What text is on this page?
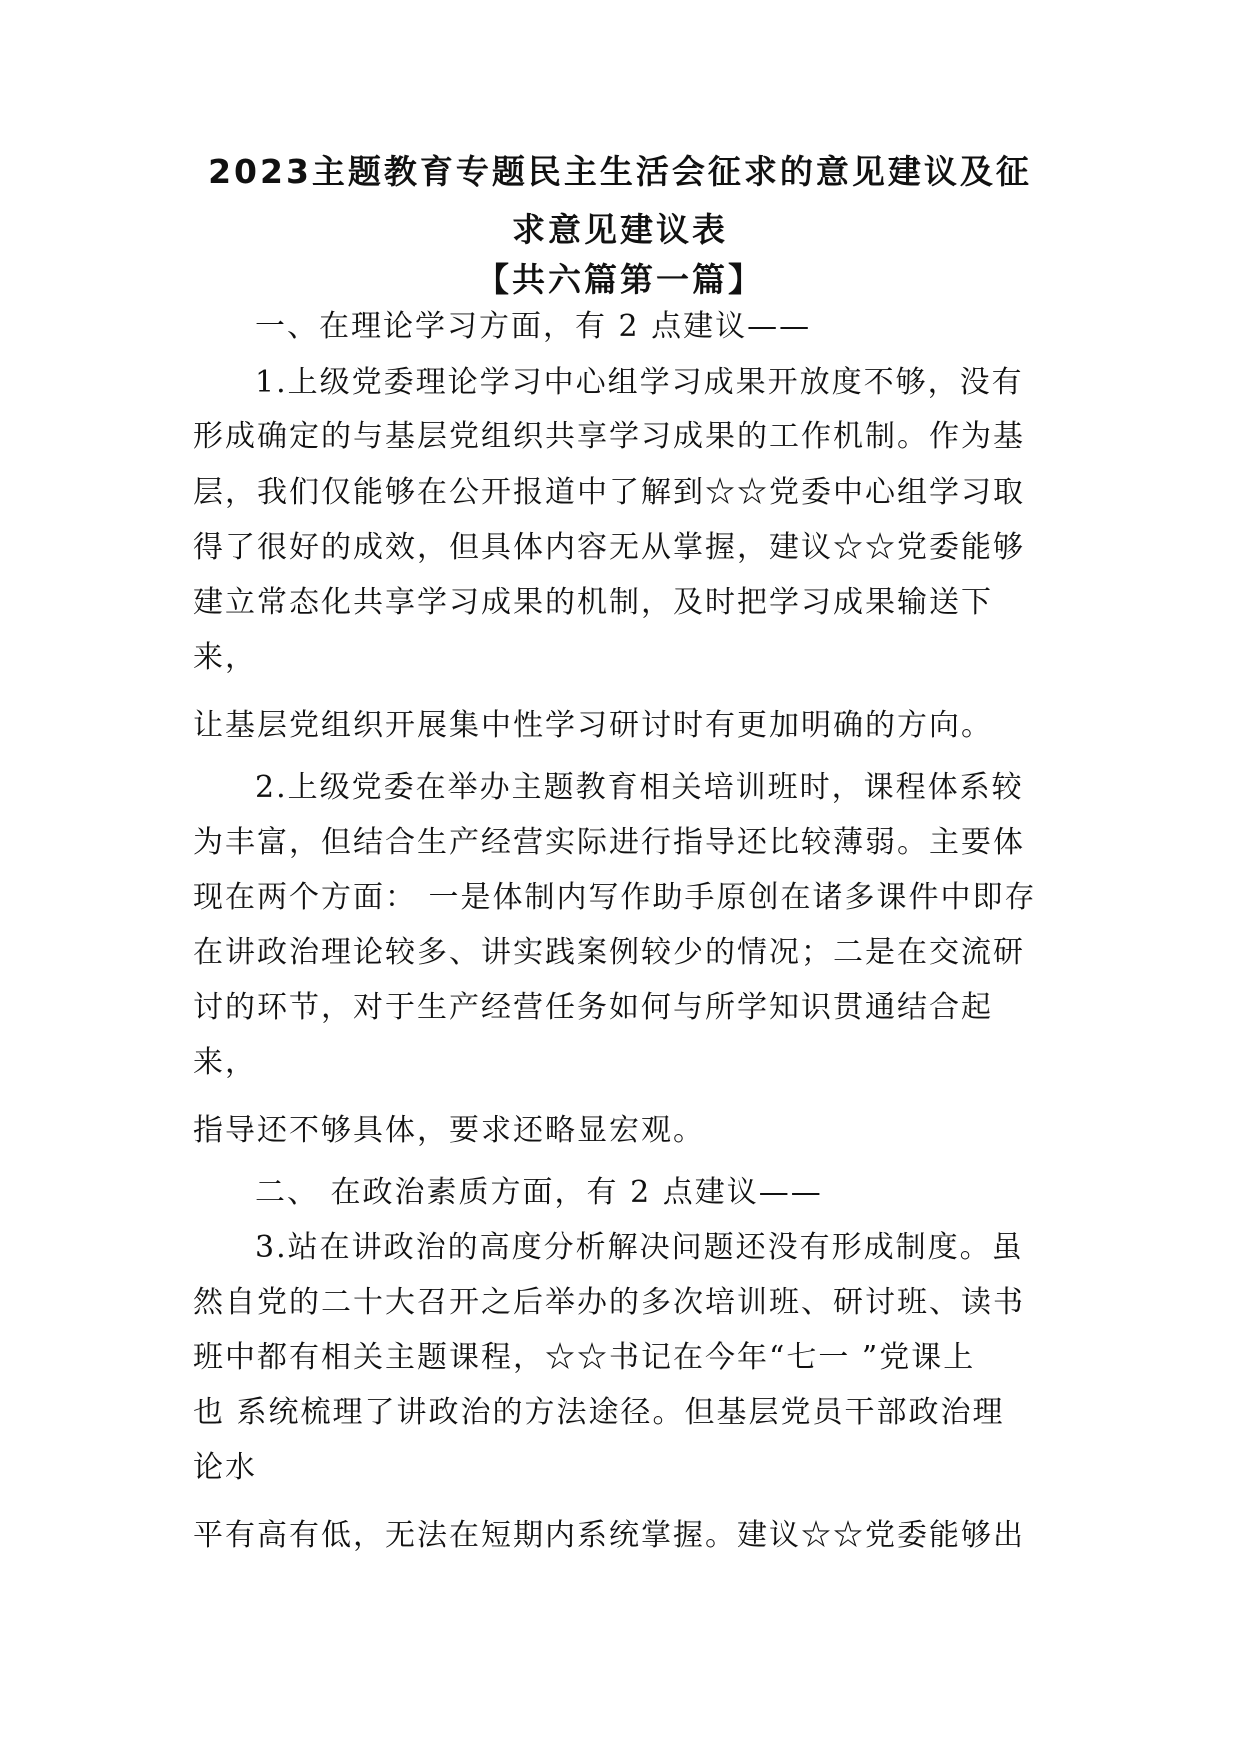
2023主题教育专题民主生活会征求的意见建议及征
求意见建议表
【共六篇第一篇】
一、在理论学习方面，有 2 点建议——
1.上级党委理论学习中心组学习成果开放度不够，没有
形成确定的与基层党组织共享学习成果的工作机制。作为基
层，我们仅能够在公开报道中了解到☆☆党委中心组学习取
得了很好的成效，但具体内容无从掌握，建议☆☆党委能够
建立常态化共享学习成果的机制，及时把学习成果输送下
来，
让基层党组织开展集中性学习研讨时有更加明确的方向。
2.上级党委在举办主题教育相关培训班时，课程体系较
为丰富，但结合生产经营实际进行指导还比较薄弱。主要体
现在两个方面： 一是体制内写作助手原创在诸多课件中即存
在讲政治理论较多、讲实践案例较少的情况；二是在交流研
讨的环节，对于生产经营任务如何与所学知识贯通结合起
来，
指导还不够具体，要求还略显宏观。
二、 在政治素质方面，有 2 点建议——
3.站在讲政治的高度分析解决问题还没有形成制度。虽
然自党的二十大召开之后举办的多次培训班、研讨班、读书
班中都有相关主题课程，☆☆书记在今年“七一 ”党课上
也 系统梳理了讲政治的方法途径。但基层党员干部政治理
论水
平有高有低，无法在短期内系统掌握。建议☆☆党委能够出
